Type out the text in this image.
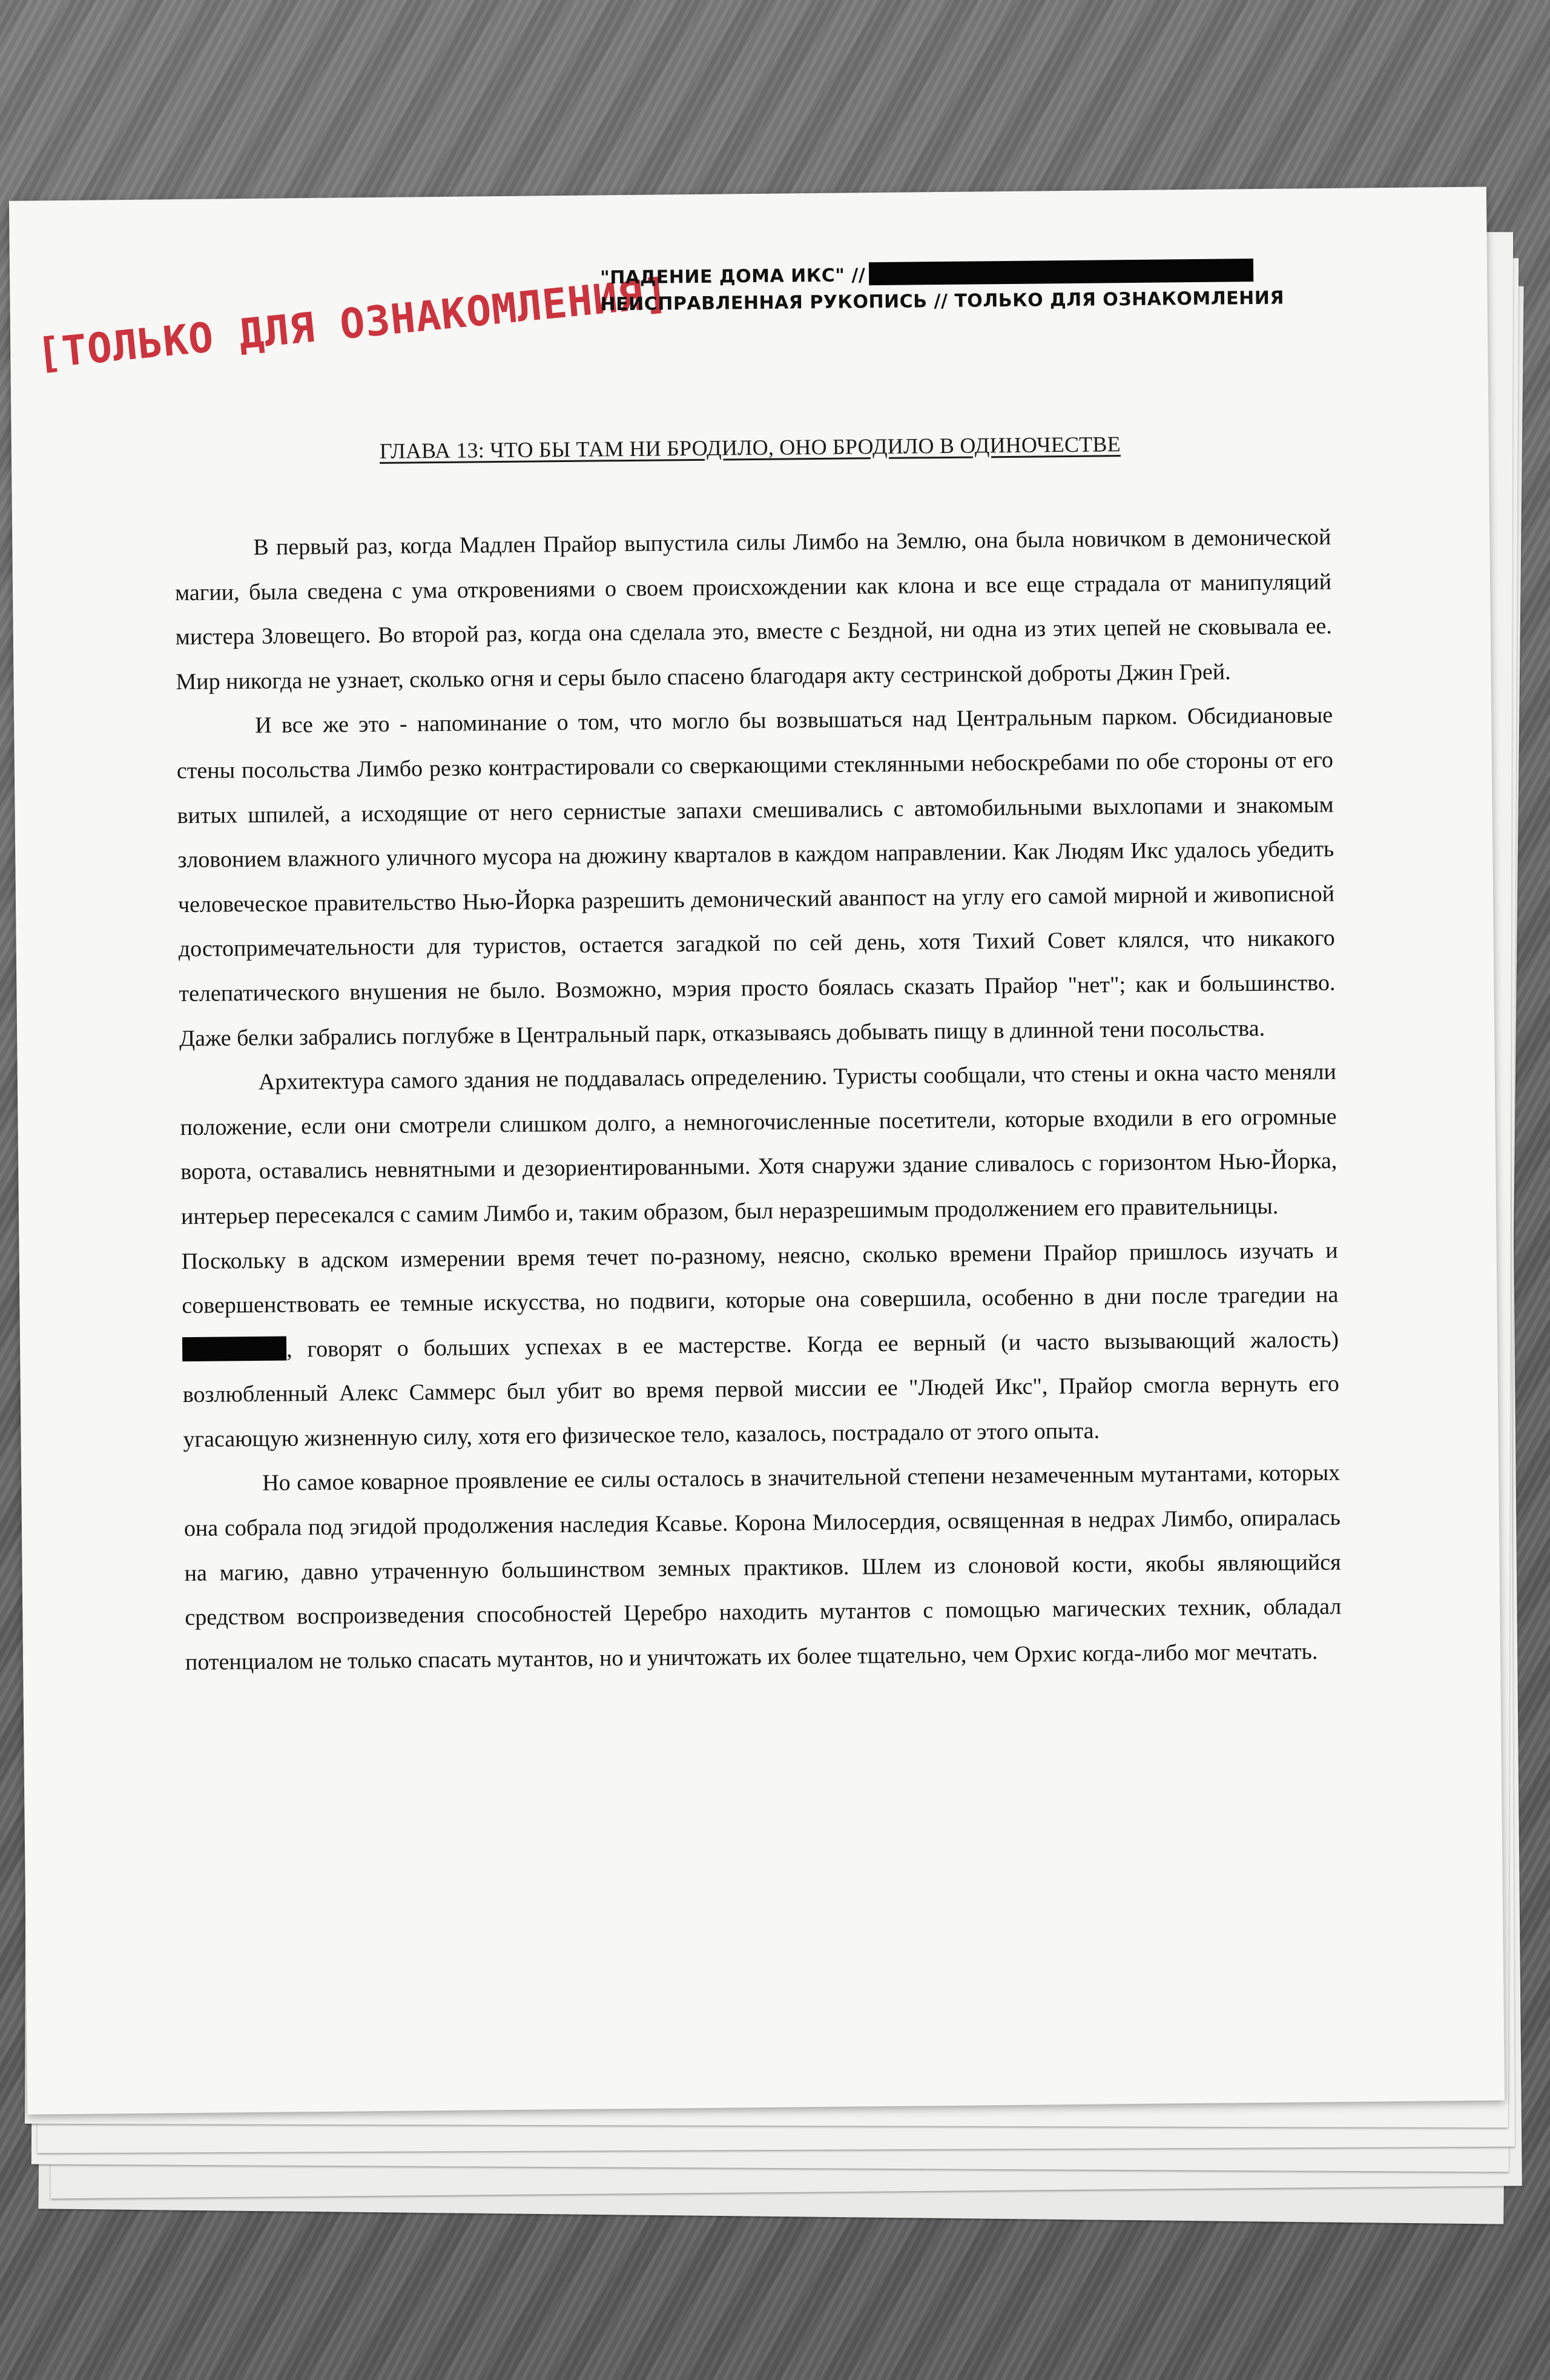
[ТОЛЬКО ДЛЯ ОЗНАКОМЛЕНИЯ]
"ПАДЕНИЕ ДОМА ИКС" //
НЕИСПРАВЛЕННАЯ РУКОПИСЬ // ТОЛЬКО ДЛЯ ОЗНАКОМЛЕНИЯ
ГЛАВА 13: ЧТО БЫ ТАМ НИ БРОДИЛО, ОНО БРОДИЛО В ОДИНОЧЕСТВЕ

В первый раз, когда Мадлен Прайор выпустила силы Лимбо на Землю, она была новичком в демонической магии, была сведена с ума откровениями о своем происхождении как клона и все еще страдала от манипуляций мистера Зловещего. Во второй раз, когда она сделала это, вместе с Бездной, ни одна из этих цепей не сковывала ее. Мир никогда не узнает, сколько огня и серы было спасено благодаря акту сестринской доброты Джин Грей.

И все же это - напоминание о том, что могло бы возвышаться над Центральным парком. Обсидиановые стены посольства Лимбо резко контрастировали со сверкающими стеклянными небоскребами по обе стороны от его витых шпилей, а исходящие от него сернистые запахи смешивались с автомобильными выхлопами и знакомым зловонием влажного уличного мусора на дюжину кварталов в каждом направлении. Как Людям Икс удалось убедить человеческое правительство Нью-Йорка разрешить демонический аванпост на углу его самой мирной и живописной достопримечательности для туристов, остается загадкой по сей день, хотя Тихий Совет клялся, что никакого телепатического внушения не было. Возможно, мэрия просто боялась сказать Прайор "нет"; как и большинство. Даже белки забрались поглубже в Центральный парк, отказываясь добывать пищу в длинной тени посольства.

Архитектура самого здания не поддавалась определению. Туристы сообщали, что стены и окна часто меняли положение, если они смотрели слишком долго, а немногочисленные посетители, которые входили в его огромные ворота, оставались невнятными и дезориентированными. Хотя снаружи здание сливалось с горизонтом Нью-Йорка, интерьер пересекался с самим Лимбо и, таким образом, был неразрешимым продолжением его правительницы.

Поскольку в адском измерении время течет по-разному, неясно, сколько времени Прайор пришлось изучать и совершенствовать ее темные искусства, но подвиги, которые она совершила, особенно в дни после трагедии на , говорят о больших успехах в ее мастерстве. Когда ее верный (и часто вызывающий жалость) возлюбленный Алекс Саммерс был убит во время первой миссии ее "Людей Икс", Прайор смогла вернуть его угасающую жизненную силу, хотя его физическое тело, казалось, пострадало от этого опыта.

Но самое коварное проявление ее силы осталось в значительной степени незамеченным мутантами, которых она собрала под эгидой продолжения наследия Ксавье. Корона Милосердия, освященная в недрах Лимбо, опиралась на магию, давно утраченную большинством земных практиков. Шлем из слоновой кости, якобы являющийся средством воспроизведения способностей Церебро находить мутантов с помощью магических техник, обладал потенциалом не только спасать мутантов, но и уничтожать их более тщательно, чем Орхис когда-либо мог мечтать.
